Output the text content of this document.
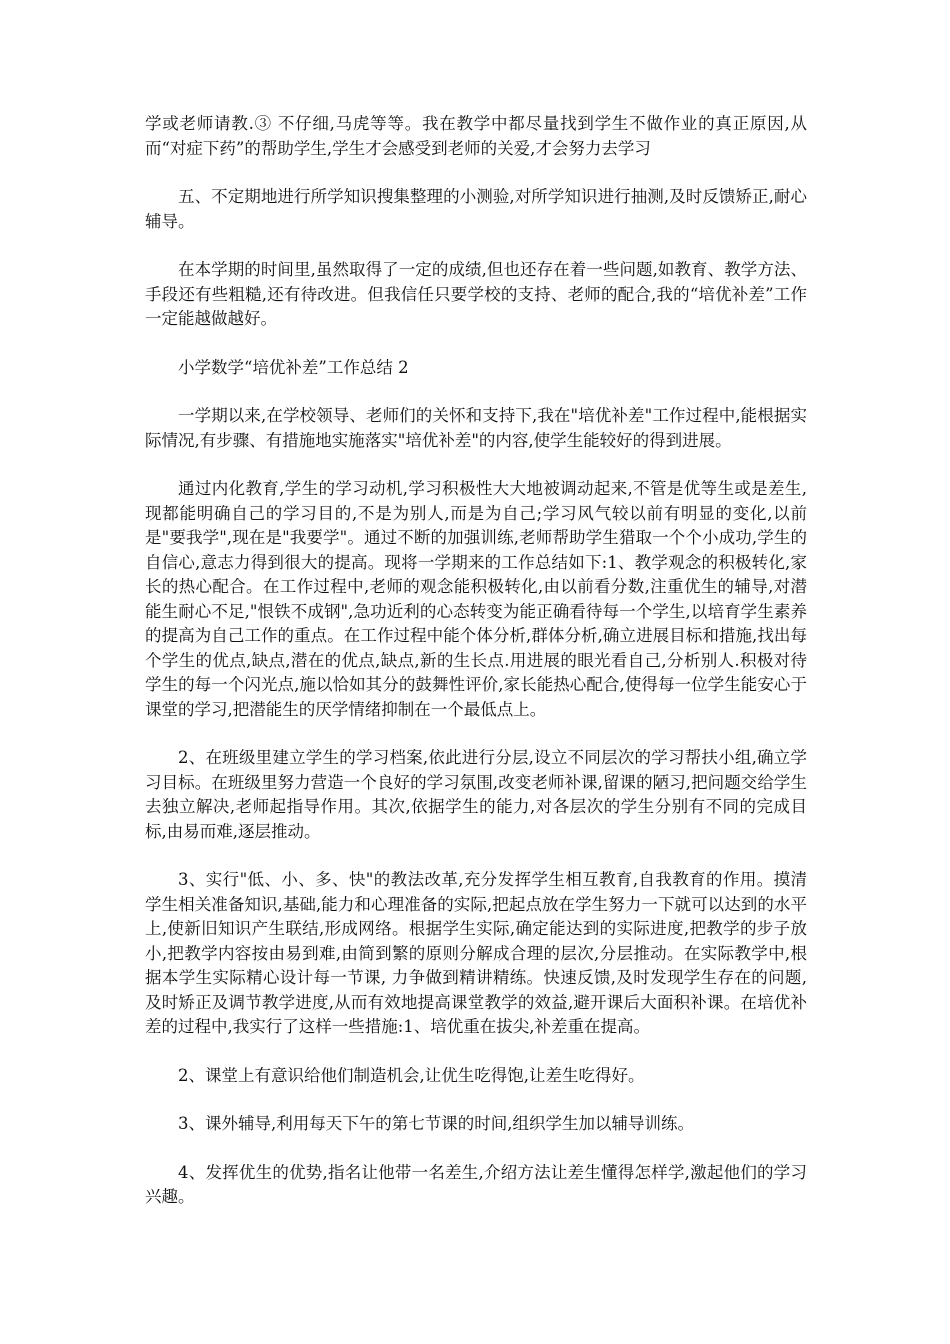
学或老师请教.③ 不仔细,马虎等等。我在教学中都尽量找到学生不做作业的真正原因,从而“对症下药”的帮助学生,学生才会感受到老师的关爱,才会努力去学习

五、不定期地进行所学知识搜集整理的小测验,对所学知识进行抽测,及时反馈矫正,耐心辅导。

在本学期的时间里,虽然取得了一定的成绩,但也还存在着一些问题,如教育、教学方法、手段还有些粗糙,还有待改进。但我信任只要学校的支持、老师的配合,我的“培优补差”工作一定能越做越好。

小学数学“培优补差”工作总结 2

一学期以来,在学校领导、老师们的关怀和支持下,我在"培优补差"工作过程中,能根据实际情况,有步骤、有措施地实施落实"培优补差"的内容,使学生能较好的得到进展。

通过内化教育,学生的学习动机,学习积极性大大地被调动起来,不管是优等生或是差生,现都能明确自己的学习目的,不是为别人,而是为自己;学习风气较以前有明显的变化,以前是"要我学",现在是"我要学"。通过不断的加强训练,老师帮助学生猎取一个个小成功,学生的自信心,意志力得到很大的提高。现将一学期来的工作总结如下:1、教学观念的积极转化,家长的热心配合。在工作过程中,老师的观念能积极转化,由以前看分数,注重优生的辅导,对潜能生耐心不足,"恨铁不成钢",急功近利的心态转变为能正确看待每一个学生,以培育学生素养的提高为自己工作的重点。在工作过程中能个体分析,群体分析,确立进展目标和措施,找出每个学生的优点,缺点,潜在的优点,缺点,新的生长点.用进展的眼光看自己,分析别人.积极对待学生的每一个闪光点,施以恰如其分的鼓舞性评价,家长能热心配合,使得每一位学生能安心于课堂的学习,把潜能生的厌学情绪抑制在一个最低点上。

2、在班级里建立学生的学习档案,依此进行分层,设立不同层次的学习帮扶小组,确立学习目标。在班级里努力营造一个良好的学习氛围,改变老师补课,留课的陋习,把问题交给学生去独立解决,老师起指导作用。其次,依据学生的能力,对各层次的学生分别有不同的完成目标,由易而难,逐层推动。

3、实行"低、小、多、快"的教法改革,充分发挥学生相互教育,自我教育的作用。摸清学生相关准备知识,基础,能力和心理准备的实际,把起点放在学生努力一下就可以达到的水平上,使新旧知识产生联结,形成网络。根据学生实际,确定能达到的实际进度,把教学的步子放小,把教学内容按由易到难,由简到繁的原则分解成合理的层次,分层推动。在实际教学中,根据本学生实际精心设计每一节课, 力争做到精讲精练。快速反馈,及时发现学生存在的问题,及时矫正及调节教学进度,从而有效地提高课堂教学的效益,避开课后大面积补课。在培优补差的过程中,我实行了这样一些措施:1、培优重在拔尖,补差重在提高。

2、课堂上有意识给他们制造机会,让优生吃得饱,让差生吃得好。

3、课外辅导,利用每天下午的第七节课的时间,组织学生加以辅导训练。

4、发挥优生的优势,指名让他带一名差生,介绍方法让差生懂得怎样学,激起他们的学习兴趣。
